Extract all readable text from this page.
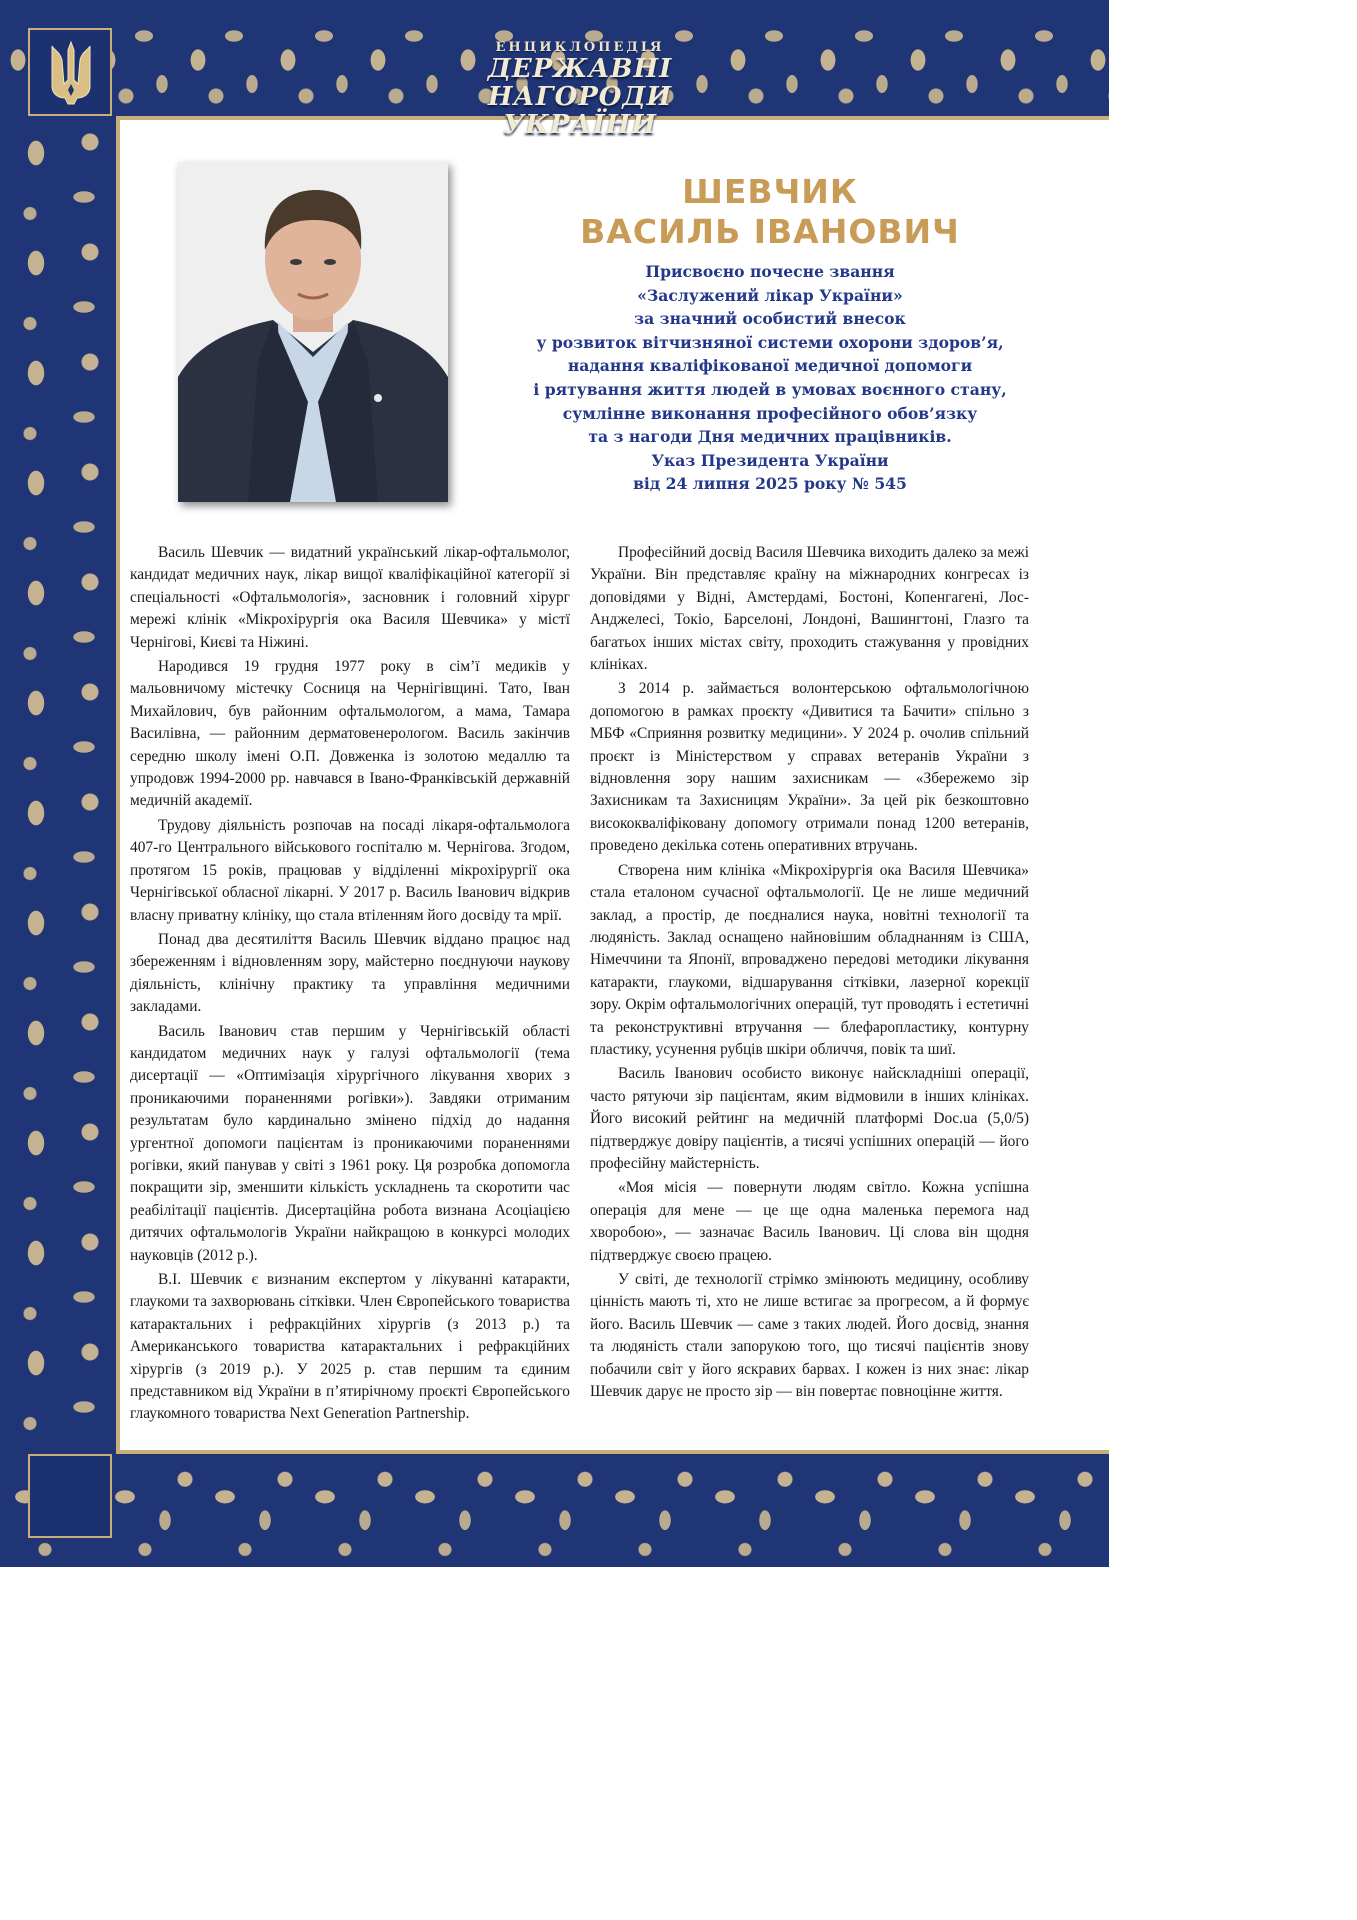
ЕНЦИКЛОПЕДІЯ
ДЕРЖАВНІ НАГОРОДИ
УКРАЇНИ
ШЕВЧИК
ВАСИЛЬ ІВАНОВИЧ
Присвоєно почесне звання
«Заслужений лікар України»
за значний особистий внесок
у розвиток вітчизняної системи охорони здоров’я,
надання кваліфікованої медичної допомоги
і рятування життя людей в умовах воєнного стану,
сумлінне виконання професійного обов’язку
та з нагоди Дня медичних працівників.
Указ Президента України
від 24 липня 2025 року № 545

Василь Шевчик — видатний український лікар-офтальмолог, кандидат медичних наук, лікар вищої кваліфікаційної категорії зі спеціальності «Офтальмологія», засновник і головний хірург мережі клінік «Мікрохірургія ока Василя Шевчика» у містї Чернігові, Києві та Ніжині.

Народився 19 грудня 1977 року в сім’ї медиків у мальовничому містечку Сосниця на Чернігівщині. Тато, Іван Михайлович, був районним офтальмологом, а мама, Тамара Василівна, — районним дерматовенерологом. Василь закінчив середню школу імені О.П. Довженка із золотою медаллю та упродовж 1994-2000 рр. навчався в Івано-Франківській державній медичній академії.

Трудову діяльність розпочав на посаді лікаря-офтальмолога 407-го Центрального військового госпіталю м. Чернігова. Згодом, протягом 15 років, працював у відділенні мікрохірургії ока Чернігівської обласної лікарні. У 2017 р. Василь Іванович відкрив власну приватну клініку, що стала втіленням його досвіду та мрії.

Понад два десятиліття Василь Шевчик віддано працює над збереженням і відновленням зору, майстерно поєднуючи наукову діяльність, клінічну практику та управління медичними закладами.

Василь Іванович став першим у Чернігівській області кандидатом медичних наук у галузі офтальмології (тема дисертації — «Оптимізація хірургічного лікування хворих з проникаючими пораненнями рогівки»). Завдяки отриманим результатам було кардинально змінено підхід до надання ургентної допомоги пацієнтам із проникаючими пораненнями рогівки, який панував у світі з 1961 року. Ця розробка допомогла покращити зір, зменшити кількість ускладнень та скоротити час реабілітації пацієнтів. Дисертаційна робота визнана Асоціацією дитячих офтальмологів України найкращою в конкурсі молодих науковців (2012 р.).

В.І. Шевчик є визнаним експертом у лікуванні катаракти, глаукоми та захворювань сітківки. Член Європейського товариства катарактальних і рефракційних хірургів (з 2013 р.) та Американського товариства катарактальних і рефракційних хірургів (з 2019 р.). У 2025 р. став першим та єдиним представником від України в п’ятирічному проєкті Європейського глаукомного товариства Next Generation Partnership.

Професійний досвід Василя Шевчика виходить далеко за межі України. Він представляє країну на міжнародних конгресах із доповідями у Відні, Амстердамі, Бостоні, Копенгагені, Лос-Анджелесі, Токіо, Барселоні, Лондоні, Вашингтоні, Глазго та багатьох інших містах світу, проходить стажування у провідних клініках.

З 2014 р. займається волонтерською офтальмологічною допомогою в рамках проєкту «Дивитися та Бачити» спільно з МБФ «Сприяння розвитку медицини». У 2024 р. очолив спільний проєкт із Міністерством у справах ветеранів України з відновлення зору нашим захисникам — «Збережемо зір Захисникам та Захисницям України». За цей рік безкоштовно висококваліфіковану допомогу отримали понад 1200 ветеранів, проведено декілька сотень оперативних втручань.

Створена ним клініка «Мікрохірургія ока Василя Шевчика» стала еталоном сучасної офтальмології. Це не лише медичний заклад, а простір, де поєдналися наука, новітні технології та людяність. Заклад оснащено найновішим обладнанням із США, Німеччини та Японії, впроваджено передові методики лікування катаракти, глаукоми, відшарування сітківки, лазерної корекції зору. Окрім офтальмологічних операцій, тут проводять і естетичні та реконструктивні втручання — блефаропластику, контурну пластику, усунення рубців шкіри обличчя, повік та шиї.

Василь Іванович особисто виконує найскладніші операції, часто рятуючи зір пацієнтам, яким відмовили в інших клініках. Його високий рейтинг на медичній платформі Doc.ua (5,0/5) підтверджує довіру пацієнтів, а тисячі успішних операцій — його професійну майстерність.

«Моя місія — повернути людям світло. Кожна успішна операція для мене — це ще одна маленька перемога над хворобою», — зазначає Василь Іванович. Ці слова він щодня підтверджує своєю працею.

У світі, де технології стрімко змінюють медицину, особливу цінність мають ті, хто не лише встигає за прогресом, а й формує його. Василь Шевчик — саме з таких людей. Його досвід, знання та людяність стали запорукою того, що тисячі пацієнтів знову побачили світ у його яскравих барвах. І кожен із них знає: лікар Шевчик дарує не просто зір — він повертає повноцінне життя.
